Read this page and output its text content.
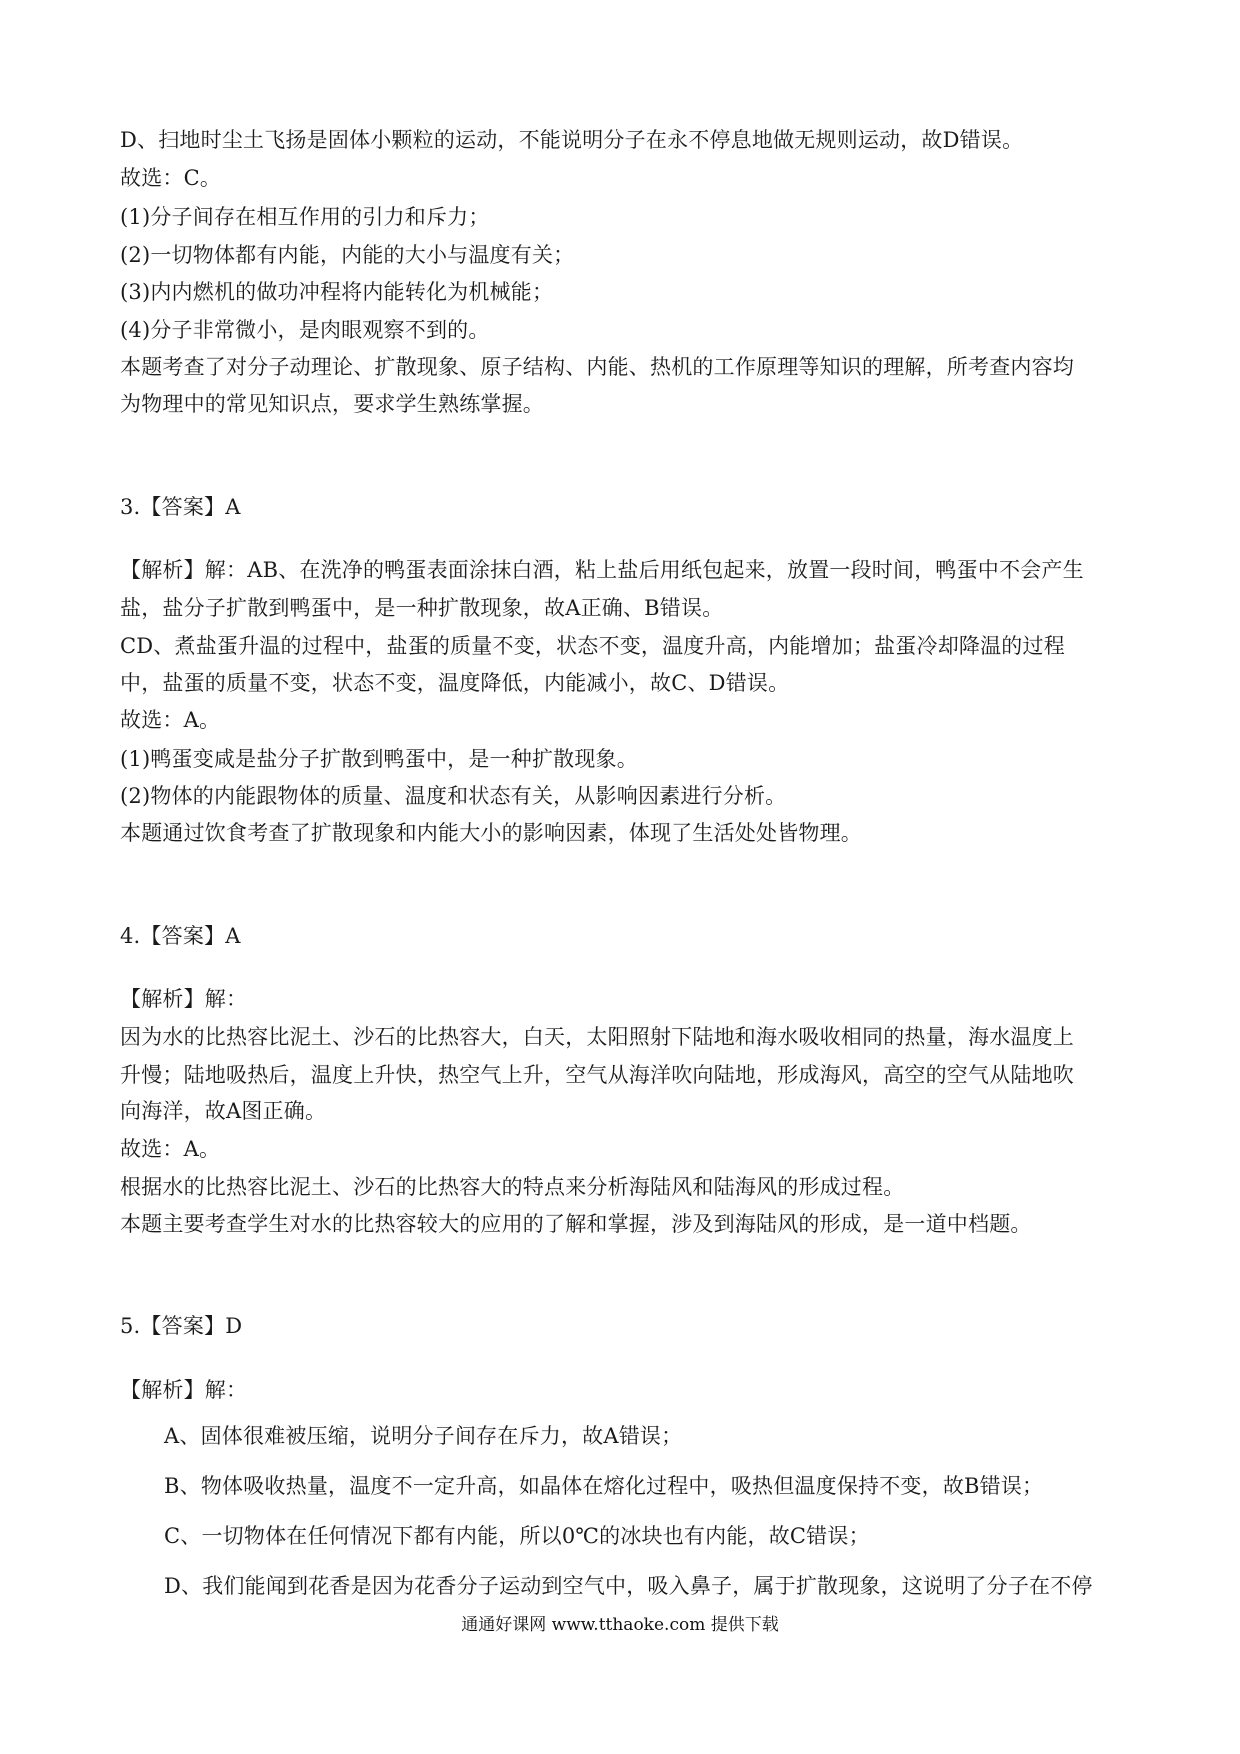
D、扫地时尘土飞扬是固体小颗粒的运动，不能说明分子在永不停息地做无规则运动，故D错误。
故选：C。
(1)分子间存在相互作用的引力和斥力；
(2)一切物体都有内能，内能的大小与温度有关；
(3)内内燃机的做功冲程将内能转化为机械能；
(4)分子非常微小，是肉眼观察不到的。
本题考查了对分子动理论、扩散现象、原子结构、内能、热机的工作原理等知识的理解，所考查内容均
为物理中的常见知识点，要求学生熟练掌握。
3.【答案】A
【解析】解：AB、在洗净的鸭蛋表面涂抹白酒，粘上盐后用纸包起来，放置一段时间，鸭蛋中不会产生
盐，盐分子扩散到鸭蛋中，是一种扩散现象，故A正确、B错误。
CD、煮盐蛋升温的过程中，盐蛋的质量不变，状态不变，温度升高，内能增加；盐蛋冷却降温的过程
中，盐蛋的质量不变，状态不变，温度降低，内能减小，故C、D错误。
故选：A。
(1)鸭蛋变咸是盐分子扩散到鸭蛋中，是一种扩散现象。
(2)物体的内能跟物体的质量、温度和状态有关，从影响因素进行分析。
本题通过饮食考查了扩散现象和内能大小的影响因素，体现了生活处处皆物理。
4.【答案】A
【解析】解：
因为水的比热容比泥土、沙石的比热容大，白天，太阳照射下陆地和海水吸收相同的热量，海水温度上
升慢；陆地吸热后，温度上升快，热空气上升，空气从海洋吹向陆地，形成海风，高空的空气从陆地吹
向海洋，故A图正确。
故选：A。
根据水的比热容比泥土、沙石的比热容大的特点来分析海陆风和陆海风的形成过程。
本题主要考查学生对水的比热容较大的应用的了解和掌握，涉及到海陆风的形成，是一道中档题。
5.【答案】D
【解析】解：
A、固体很难被压缩，说明分子间存在斥力，故A错误；
B、物体吸收热量，温度不一定升高，如晶体在熔化过程中，吸热但温度保持不变，故B错误；
C、一切物体在任何情况下都有内能，所以0℃的冰块也有内能，故C错误；
D、我们能闻到花香是因为花香分子运动到空气中，吸入鼻子，属于扩散现象，这说明了分子在不停
通通好课网 www.tthaoke.com 提供下载
